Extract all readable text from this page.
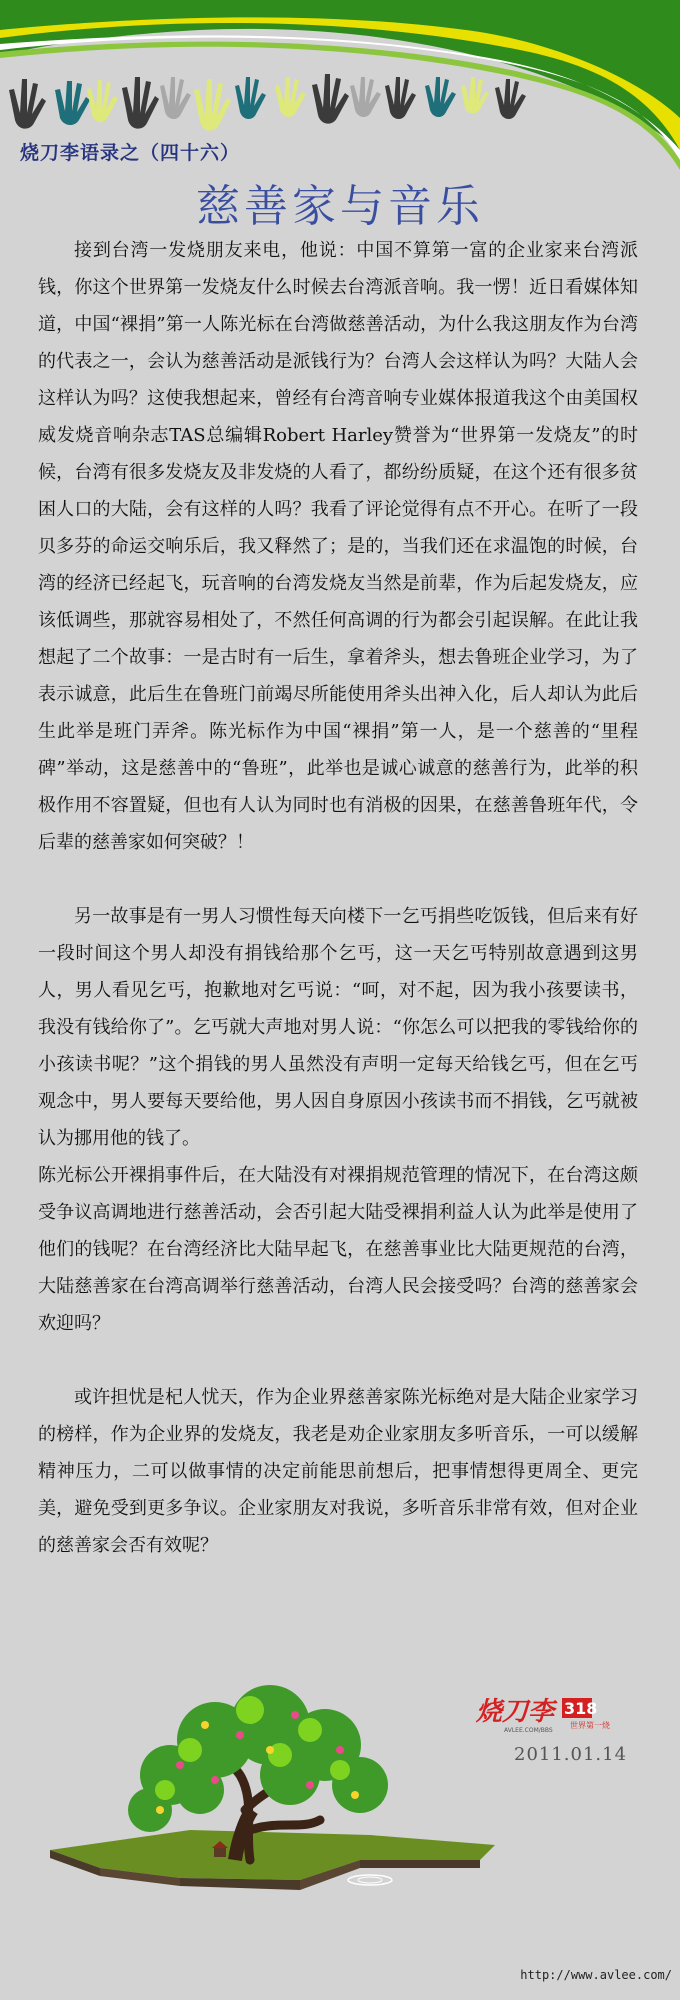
烧刀李语录之（四十六）
慈善家与音乐

接到台湾一发烧朋友来电，他说：中国不算第一富的企业家来台湾派钱，你这个世界第一发烧友什么时候去台湾派音响。我一愣！近日看媒体知道，中国“裸捐”第一人陈光标在台湾做慈善活动，为什么我这朋友作为台湾的代表之一，会认为慈善活动是派钱行为？台湾人会这样认为吗？大陆人会这样认为吗？这使我想起来，曾经有台湾音响专业媒体报道我这个由美国权威发烧音响杂志TAS总编辑Robert Harley赞誉为“世界第一发烧友”的时候，台湾有很多发烧友及非发烧的人看了，都纷纷质疑，在这个还有很多贫困人口的大陆，会有这样的人吗？我看了评论觉得有点不开心。在听了一段贝多芬的命运交响乐后，我又释然了；是的，当我们还在求温饱的时候，台湾的经济已经起飞，玩音响的台湾发烧友当然是前辈，作为后起发烧友，应该低调些，那就容易相处了，不然任何高调的行为都会引起误解。在此让我想起了二个故事：一是古时有一后生，拿着斧头，想去鲁班企业学习，为了表示诚意，此后生在鲁班门前竭尽所能使用斧头出神入化，后人却认为此后生此举是班门弄斧。陈光标作为中国“裸捐”第一人，是一个慈善的“里程碑”举动，这是慈善中的“鲁班”，此举也是诚心诚意的慈善行为，此举的积极作用不容置疑，但也有人认为同时也有消极的因果，在慈善鲁班年代，令后辈的慈善家如何突破？！

另一故事是有一男人习惯性每天向楼下一乞丐捐些吃饭钱，但后来有好一段时间这个男人却没有捐钱给那个乞丐，这一天乞丐特别故意遇到这男人，男人看见乞丐，抱歉地对乞丐说：“呵，对不起，因为我小孩要读书，我没有钱给你了”。乞丐就大声地对男人说：“你怎么可以把我的零钱给你的小孩读书呢？”这个捐钱的男人虽然没有声明一定每天给钱乞丐，但在乞丐观念中，男人要每天要给他，男人因自身原因小孩读书而不捐钱，乞丐就被认为挪用他的钱了。

陈光标公开裸捐事件后，在大陆没有对裸捐规范管理的情况下，在台湾这颇受争议高调地进行慈善活动，会否引起大陆受裸捐利益人认为此举是使用了他们的钱呢？在台湾经济比大陆早起飞，在慈善事业比大陆更规范的台湾，大陆慈善家在台湾高调举行慈善活动，台湾人民会接受吗？台湾的慈善家会欢迎吗？

或许担忧是杞人忧天，作为企业界慈善家陈光标绝对是大陆企业家学习的榜样，作为企业界的发烧友，我老是劝企业家朋友多听音乐，一可以缓解精神压力，二可以做事情的决定前能思前想后，把事情想得更周全、更完美，避免受到更多争议。企业家朋友对我说，多听音乐非常有效，但对企业的慈善家会否有效呢？

烧刀李 318
世界第一烧
AVLEE.COM/BBS
2011.01.14
http://www.avlee.com/
